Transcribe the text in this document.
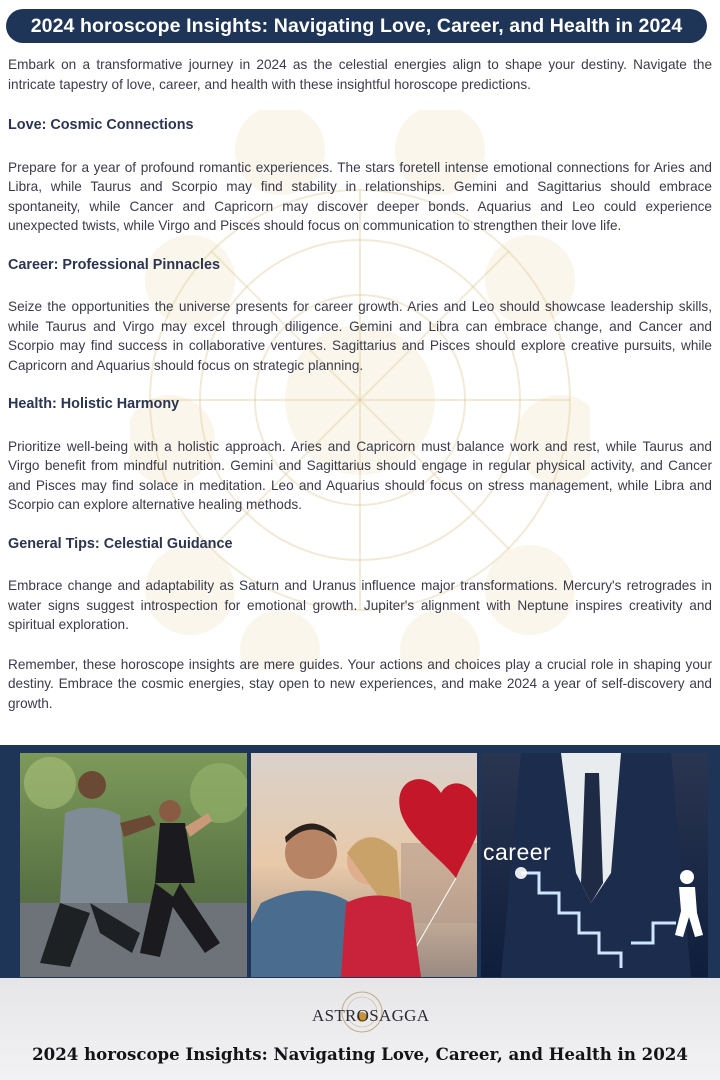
2024 horoscope Insights: Navigating Love, Career, and Health in 2024

Embark on a transformative journey in 2024 as the celestial energies align to shape your destiny. Navigate the intricate tapestry of love, career, and health with these insightful horoscope predictions.

Love: Cosmic Connections

Prepare for a year of profound romantic experiences. The stars foretell intense emotional connections for Aries and Libra, while Taurus and Scorpio may find stability in relationships. Gemini and Sagittarius should embrace spontaneity, while Cancer and Capricorn may discover deeper bonds. Aquarius and Leo could experience unexpected twists, while Virgo and Pisces should focus on communication to strengthen their love life.

Career: Professional Pinnacles

Seize the opportunities the universe presents for career growth. Aries and Leo should showcase leadership skills, while Taurus and Virgo may excel through diligence. Gemini and Libra can embrace change, and Cancer and Scorpio may find success in collaborative ventures. Sagittarius and Pisces should explore creative pursuits, while Capricorn and Aquarius should focus on strategic planning.

Health: Holistic Harmony

Prioritize well-being with a holistic approach. Aries and Capricorn must balance work and rest, while Taurus and Virgo benefit from mindful nutrition. Gemini and Sagittarius should engage in regular physical activity, and Cancer and Pisces may find solace in meditation. Leo and Aquarius should focus on stress management, while Libra and Scorpio can explore alternative healing methods.

General Tips: Celestial Guidance

Embrace change and adaptability as Saturn and Uranus influence major transformations. Mercury's retrogrades in water signs suggest introspection for emotional growth. Jupiter's alignment with Neptune inspires creativity and spiritual exploration.

Remember, these horoscope insights are mere guides. Your actions and choices play a crucial role in shaping your destiny. Embrace the cosmic energies, stay open to new experiences, and make 2024 a year of self-discovery and growth.

career
ASTROSAGGA
2024 horoscope Insights: Navigating Love, Career, and Health in 2024
